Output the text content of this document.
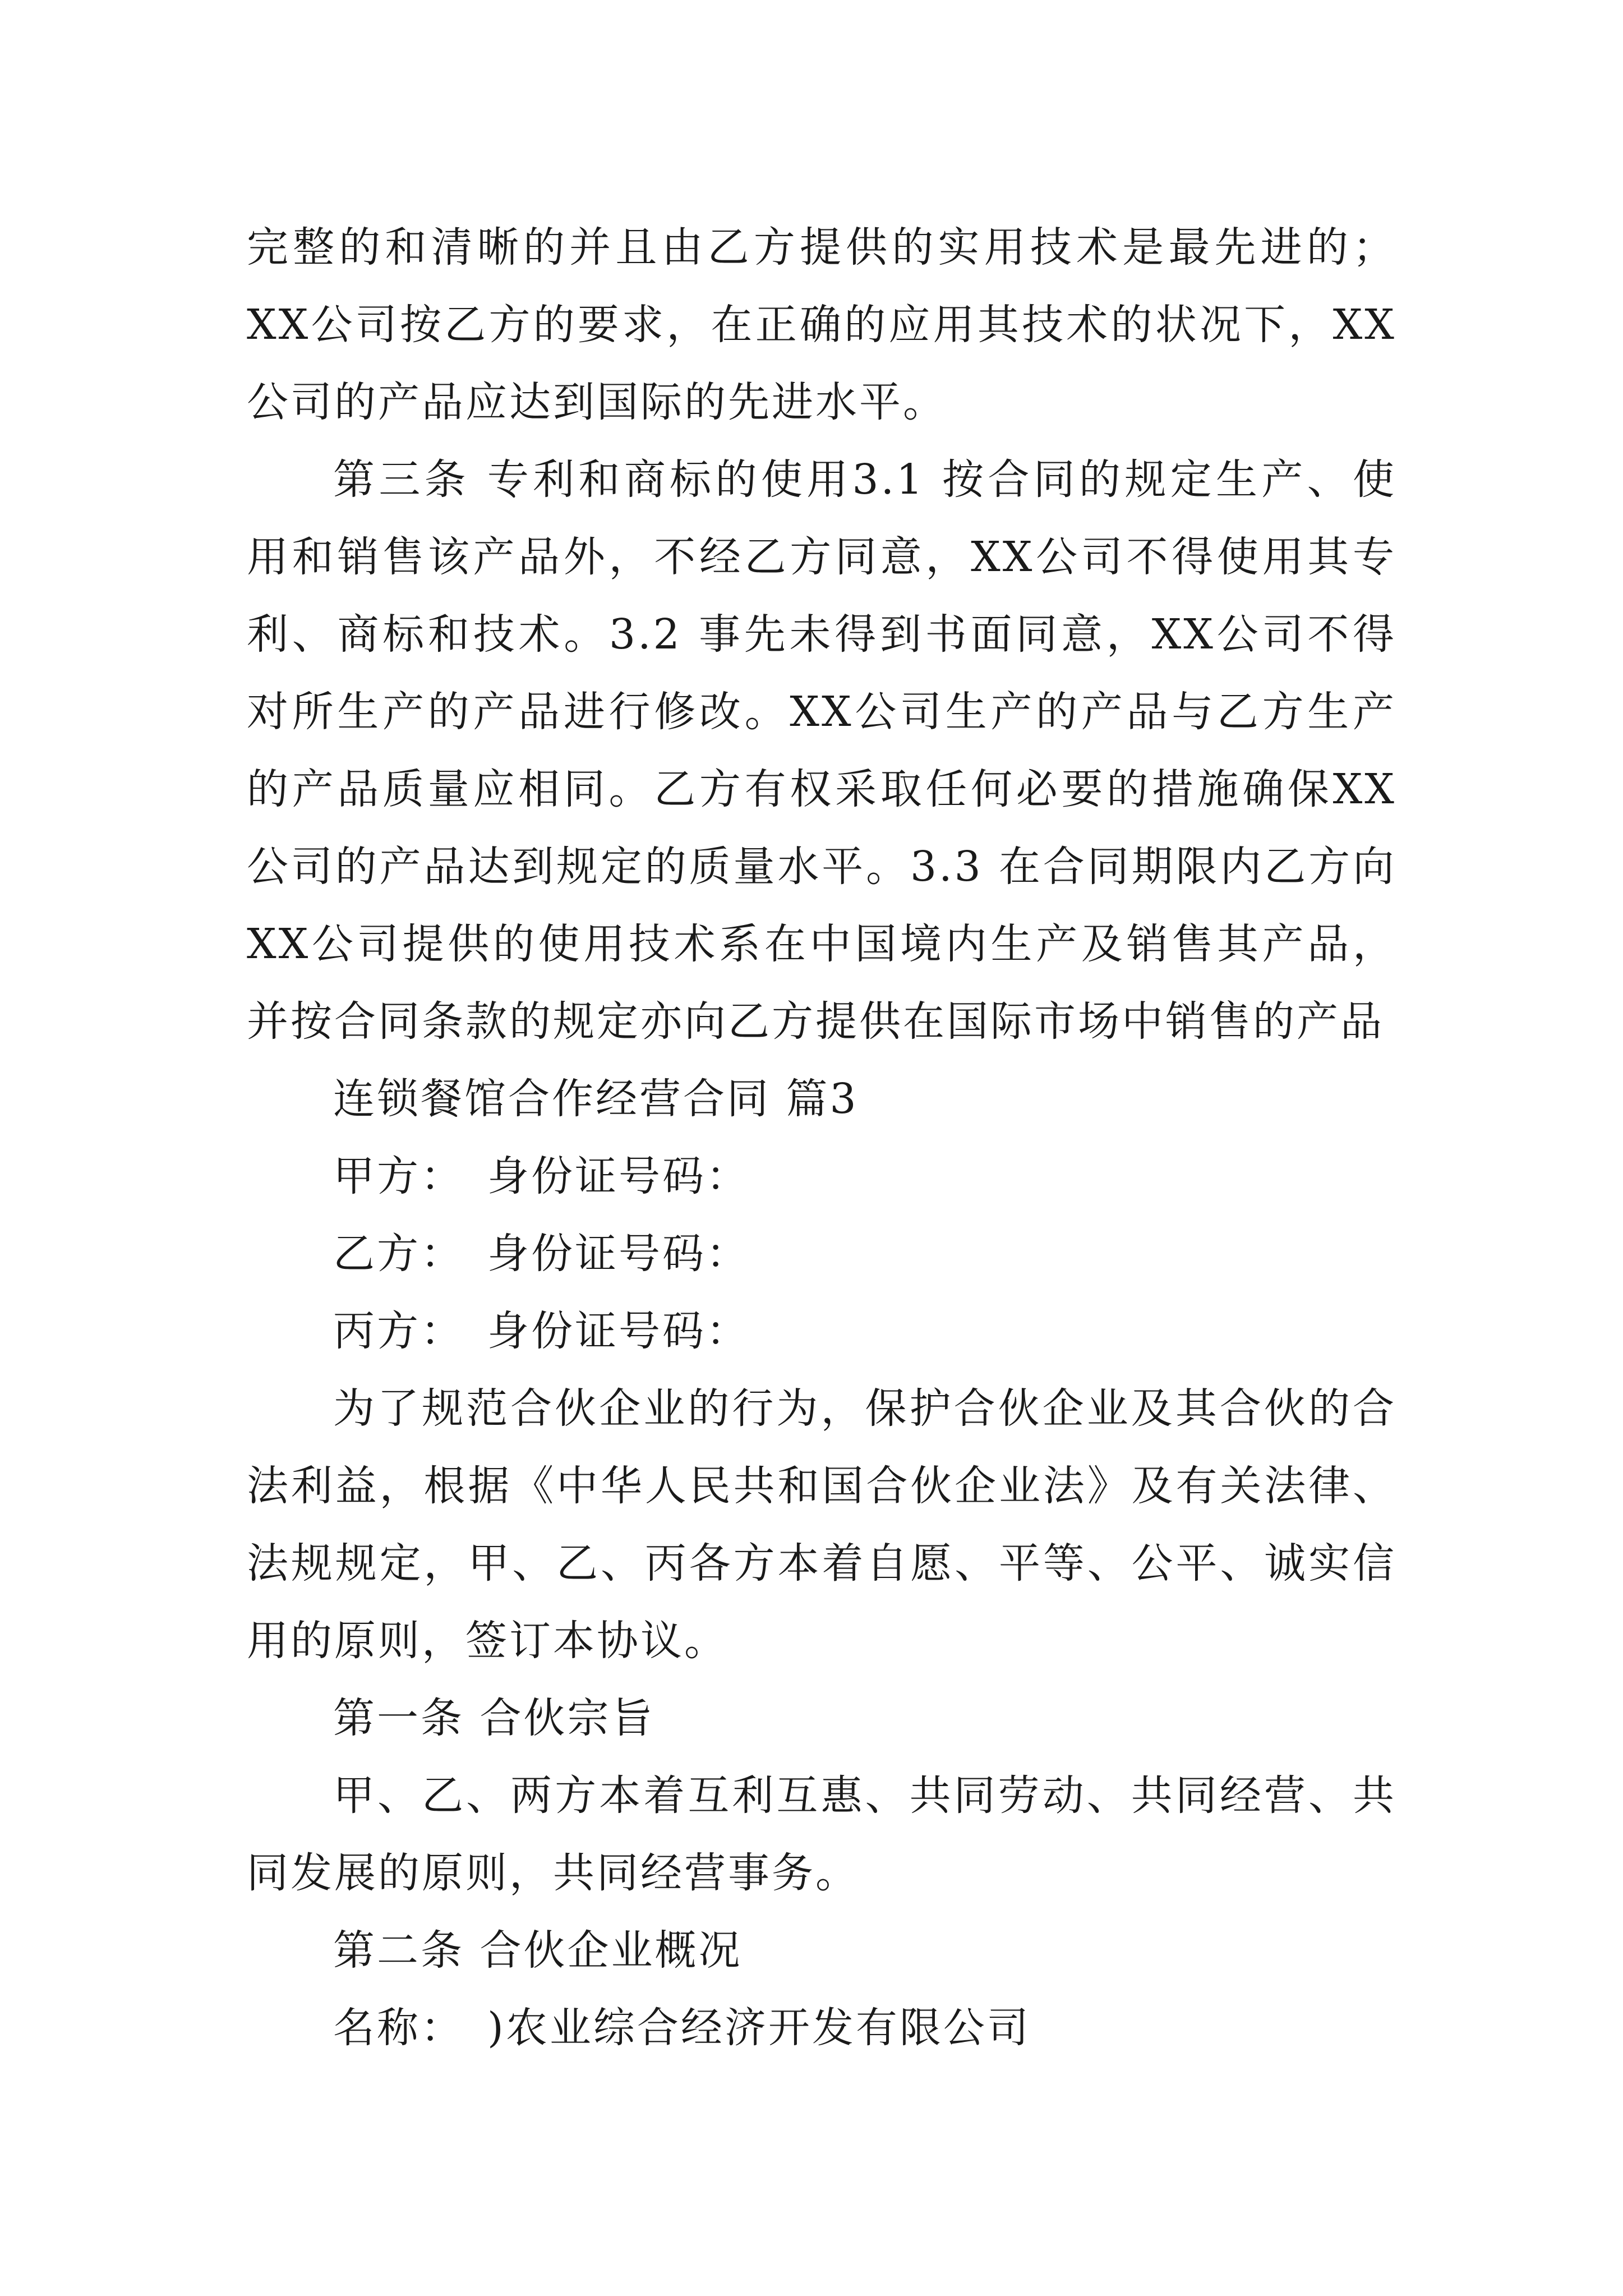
完整的和清晰的并且由乙方提供的实用技术是最先进的；XX公司按乙方的要求，在正确的应用其技术的状况下，XX公司的产品应达到国际的先进水平。

第三条 专利和商标的使用3.1 按合同的规定生产、使用和销售该产品外，不经乙方同意，XX公司不得使用其专利、商标和技术。3.2 事先未得到书面同意，XX公司不得对所生产的产品进行修改。XX公司生产的产品与乙方生产的产品质量应相同。乙方有权采取任何必要的措施确保XX公司的产品达到规定的质量水平。3.3 在合同期限内乙方向XX公司提供的使用技术系在中国境内生产及销售其产品，并按合同条款的规定亦向乙方提供在国际市场中销售的产品

连锁餐馆合作经营合同 篇3

甲方：　身份证号码：

乙方：　身份证号码：

丙方：　身份证号码：

为了规范合伙企业的行为，保护合伙企业及其合伙的合法利益，根据《中华人民共和国合伙企业法》及有关法律、法规规定，甲、乙、丙各方本着自愿、平等、公平、诚实信用的原则，签订本协议。

第一条 合伙宗旨

甲、乙、两方本着互利互惠、共同劳动、共同经营、共同发展的原则，共同经营事务。

第二条 合伙企业概况

名称：　)农业综合经济开发有限公司
